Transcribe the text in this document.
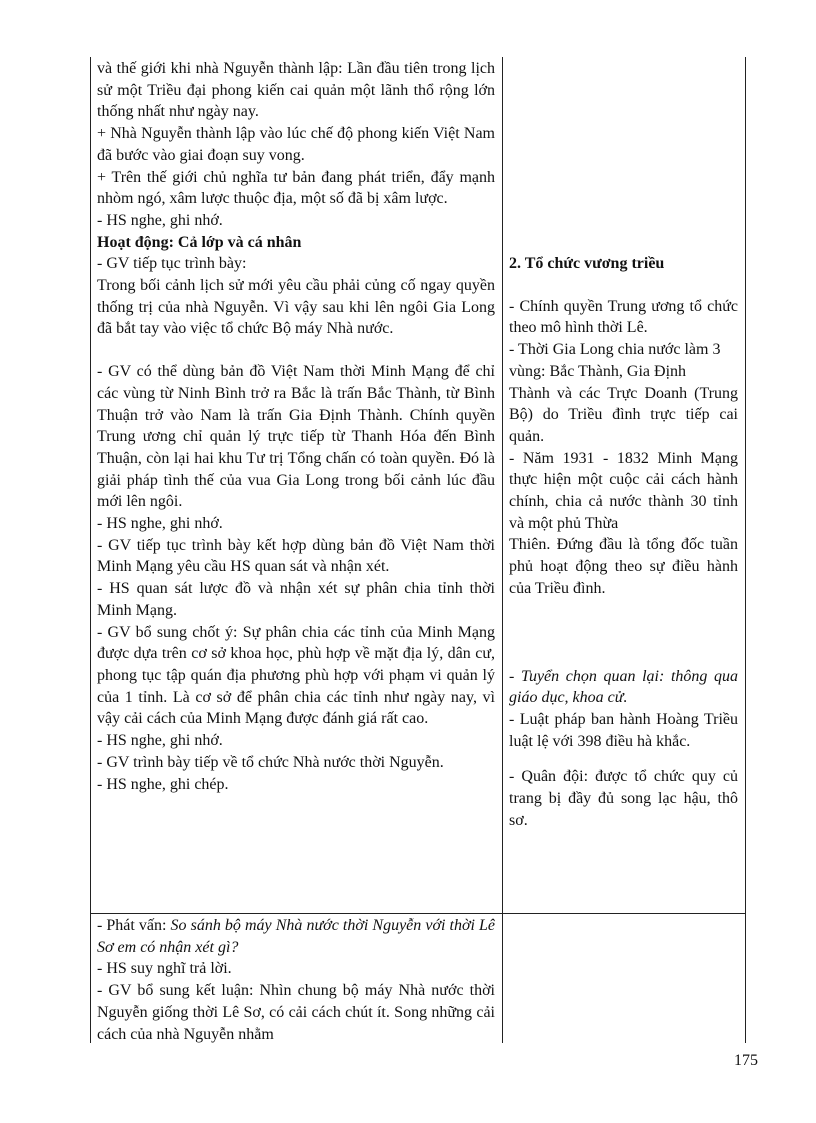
và thế giới khi nhà Nguyễn thành lập: Lần đầu tiên trong lịch sử một Triều đại phong kiến cai quản một lãnh thổ rộng lớn thống nhất như ngày nay.

+ Nhà Nguyễn thành lập vào lúc chế độ phong kiến Việt Nam đã bước vào giai đoạn suy vong.

+ Trên thế giới chủ nghĩa tư bản đang phát triển, đẩy mạnh nhòm ngó, xâm lược thuộc địa, một số đã bị xâm lược.

- HS nghe, ghi nhớ.

Hoạt động: Cả lớp và cá nhân

- GV tiếp tục trình bày:

Trong bối cảnh lịch sử mới yêu cầu phải củng cố ngay quyền thống trị của nhà Nguyễn. Vì vậy sau khi lên ngôi Gia Long đã bắt tay vào việc tổ chức Bộ máy Nhà nước.

- GV có thể dùng bản đồ Việt Nam thời Minh Mạng để chỉ các vùng từ Ninh Bình trở ra Bắc là trấn Bắc Thành, từ Bình Thuận trở vào Nam là trấn Gia Định Thành. Chính quyền Trung ương chỉ quản lý trực tiếp từ Thanh Hóa đến Bình Thuận, còn lại hai khu Tư trị Tổng chấn có toàn quyền. Đó là giải pháp tình thế của vua Gia Long trong bối cảnh lúc đầu mới lên ngôi.

- HS nghe, ghi nhớ.

- GV tiếp tục trình bày kết hợp dùng bản đồ Việt Nam thời Minh Mạng yêu cầu HS quan sát và nhận xét.

- HS quan sát lược đồ và nhận xét sự phân chia tỉnh thời Minh Mạng.

- GV bổ sung chốt ý: Sự phân chia các tỉnh của Minh Mạng được dựa trên cơ sở khoa học, phù hợp về mặt địa lý, dân cư, phong tục tập quán địa phương phù hợp với phạm vi quản lý của 1 tỉnh. Là cơ sở để phân chia các tỉnh như ngày nay, vì vậy cải cách của Minh Mạng được đánh giá rất cao.

- HS nghe, ghi nhớ.

- GV trình bày tiếp về tổ chức Nhà nước thời Nguyễn.

- HS nghe, ghi chép.

2. Tổ chức vương triều

- Chính quyền Trung ương tổ chức theo mô hình thời Lê.

- Thời Gia Long chia nước làm 3 vùng: Bắc Thành, Gia Định

Thành và các Trực Doanh (Trung Bộ) do Triều đình trực tiếp cai quản.

- Năm 1931 - 1832 Minh Mạng thực hiện một cuộc cải cách hành chính, chia cả nước thành 30 tỉnh và một phủ Thừa

Thiên. Đứng đầu là tổng đốc tuần phủ hoạt động theo sự điều hành của Triều đình.

- Tuyển chọn quan lại: thông qua giáo dục, khoa cử.

- Luật pháp ban hành Hoàng Triều luật lệ với 398 điều hà khắc.

- Quân đội: được tổ chức quy củ trang bị đầy đủ song lạc hậu, thô sơ.

- Phát vấn: So sánh bộ máy Nhà nước thời Nguyễn với thời Lê Sơ em có nhận xét gì?

- HS suy nghĩ trả lời.

- GV bổ sung kết luận: Nhìn chung bộ máy Nhà nước thời Nguyễn giống thời Lê Sơ, có cải cách chút ít. Song những cải cách của nhà Nguyễn nhằm

175
